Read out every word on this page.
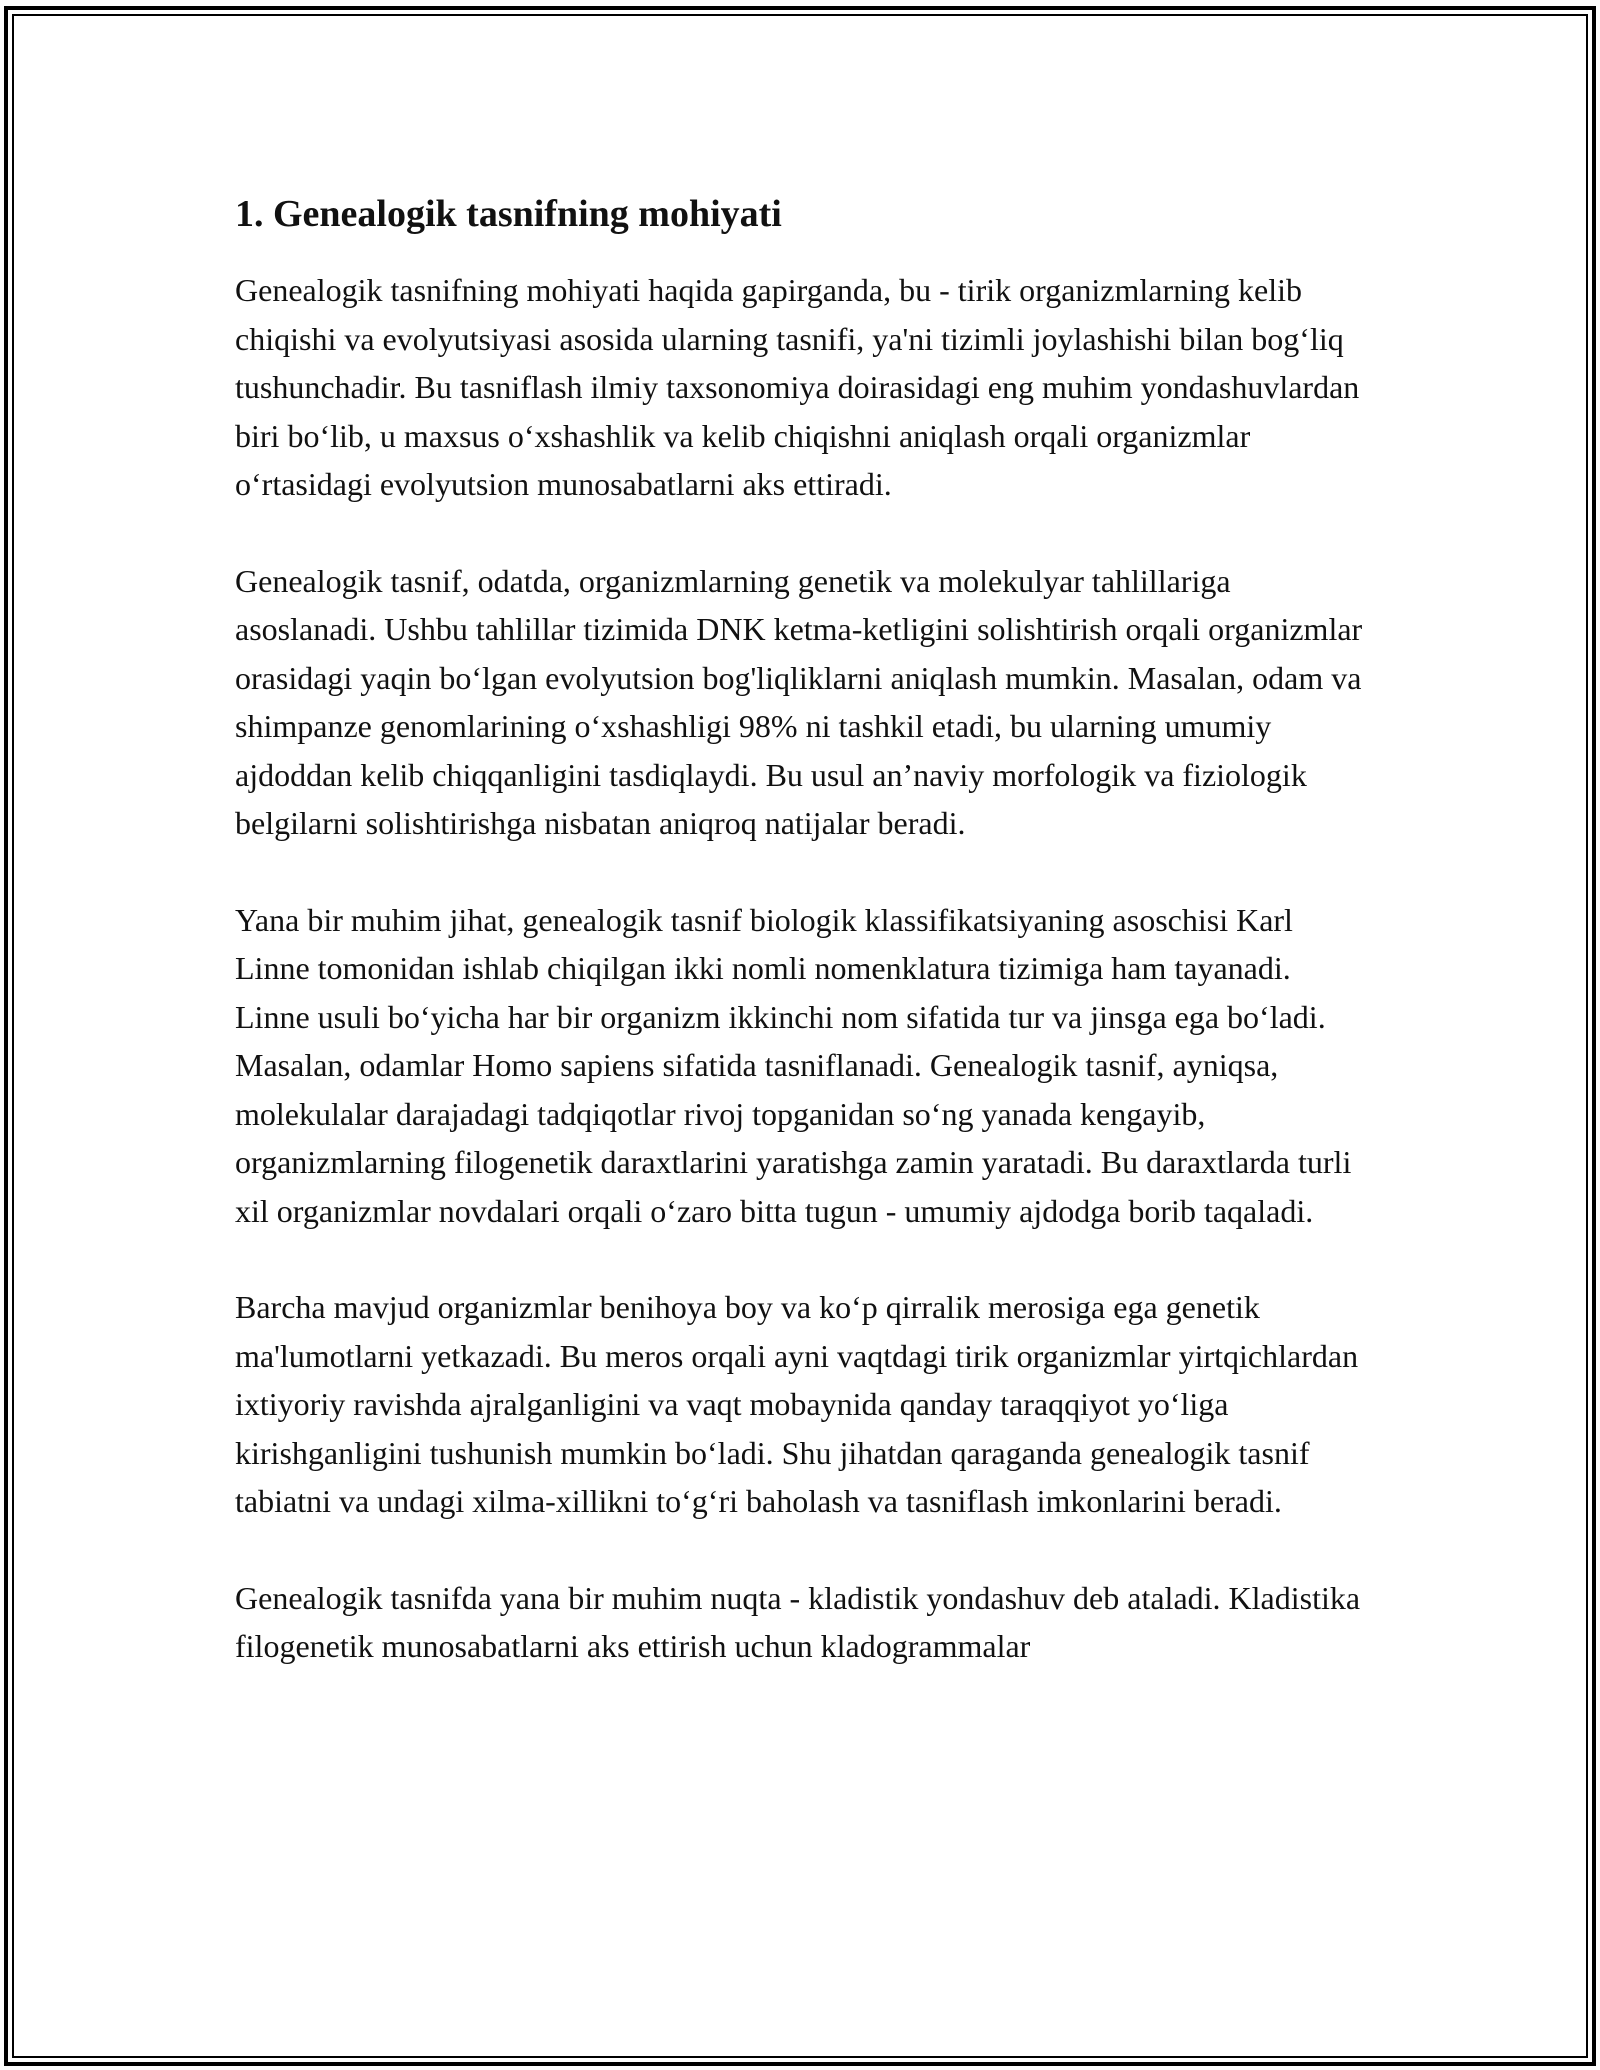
1. Genealogik tasnifning mohiyati

Genealogik tasnifning mohiyati haqida gapirganda, bu - tirik organizmlarning kelib chiqishi va evolyutsiyasi asosida ularning tasnifi, ya'ni tizimli joylashishi bilan bog‘liq tushunchadir. Bu tasniflash ilmiy taxsonomiya doirasidagi eng muhim yondashuvlardan biri bo‘lib, u maxsus o‘xshashlik va kelib chiqishni aniqlash orqali organizmlar o‘rtasidagi evolyutsion munosabatlarni aks ettiradi.

Genealogik tasnif, odatda, organizmlarning genetik va molekulyar tahlillariga asoslanadi. Ushbu tahlillar tizimida DNK ketma-ketligini solishtirish orqali organizmlar orasidagi yaqin bo‘lgan evolyutsion bog'liqliklarni aniqlash mumkin. Masalan, odam va shimpanze genomlarining o‘xshashligi 98% ni tashkil etadi, bu ularning umumiy ajdoddan kelib chiqqanligini tasdiqlaydi. Bu usul an’naviy morfologik va fiziologik belgilarni solishtirishga nisbatan aniqroq natijalar beradi.

Yana bir muhim jihat, genealogik tasnif biologik klassifikatsiyaning asoschisi Karl Linne tomonidan ishlab chiqilgan ikki nomli nomenklatura tizimiga ham tayanadi. Linne usuli bo‘yicha har bir organizm ikkinchi nom sifatida tur va jinsga ega bo‘ladi. Masalan, odamlar Homo sapiens sifatida tasniflanadi. Genealogik tasnif, ayniqsa, molekulalar darajadagi tadqiqotlar rivoj topganidan so‘ng yanada kengayib, organizmlarning filogenetik daraxtlarini yaratishga zamin yaratadi. Bu daraxtlarda turli xil organizmlar novdalari orqali o‘zaro bitta tugun - umumiy ajdodga borib taqaladi.

Barcha mavjud organizmlar benihoya boy va ko‘p qirralik merosiga ega genetik ma'lumotlarni yetkazadi. Bu meros orqali ayni vaqtdagi tirik organizmlar yirtqichlardan ixtiyoriy ravishda ajralganligini va vaqt mobaynida qanday taraqqiyot yo‘liga kirishganligini tushunish mumkin bo‘ladi. Shu jihatdan qaraganda genealogik tasnif tabiatni va undagi xilma-xillikni to‘g‘ri baholash va tasniflash imkonlarini beradi.

Genealogik tasnifda yana bir muhim nuqta - kladistik yondashuv deb ataladi. Kladistika filogenetik munosabatlarni aks ettirish uchun kladogrammalar
